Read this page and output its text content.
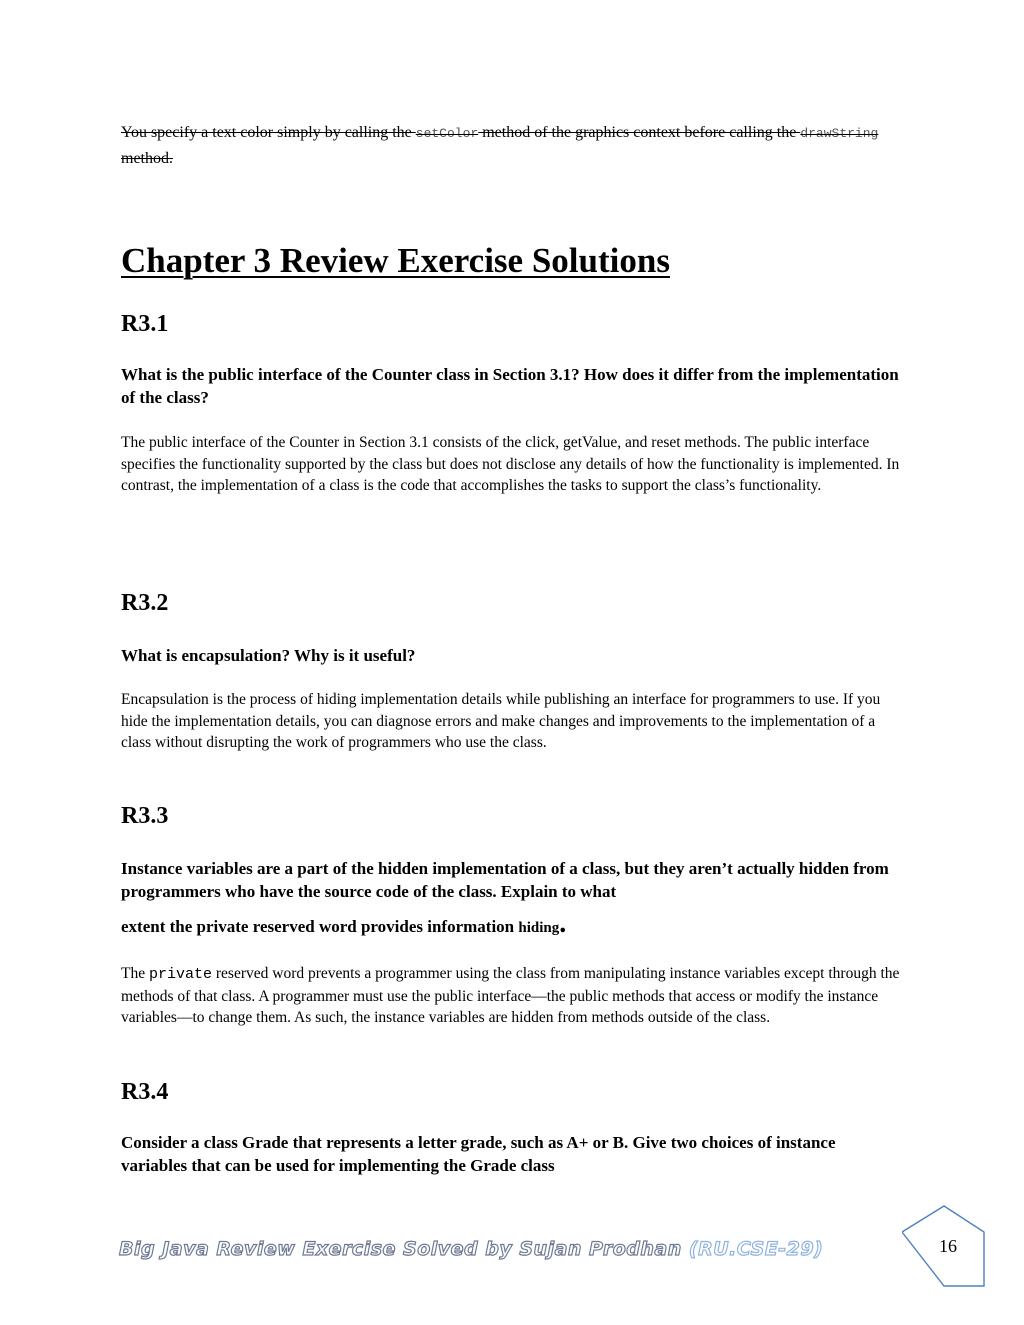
You specify a text color simply by calling the setColor method of the graphics context before calling the drawString method.

Chapter 3 Review Exercise Solutions
R3.1

What is the public interface of the Counter class in Section 3.1? How does it differ from the implementation of the class?

The public interface of the Counter in Section 3.1 consists of the click, getValue, and reset methods. The public interface specifies the functionality supported by the class but does not disclose any details of how the functionality is implemented. In contrast, the implementation of a class is the code that accomplishes the tasks to support the class’s functionality.

R3.2

What is encapsulation? Why is it useful?

Encapsulation is the process of hiding implementation details while publishing an interface for programmers to use. If you hide the implementation details, you can diagnose errors and make changes and improvements to the implementation of a class without disrupting the work of programmers who use the class.

R3.3

Instance variables are a part of the hidden implementation of a class, but they aren’t actually hidden from programmers who have the source code of the class. Explain to what

extent the private reserved word provides information hiding.

The private reserved word prevents a programmer using the class from manipulating instance variables except through the methods of that class. A programmer must use the public interface—the public methods that access or modify the instance variables—to change them. As such, the instance variables are hidden from methods outside of the class.

R3.4

Consider a class Grade that represents a letter grade, such as A+ or B. Give two choices of instance variables that can be used for implementing the Grade class

Big Java Review Exercise Solved by Sujan Prodhan (RU.CSE-29)	16
